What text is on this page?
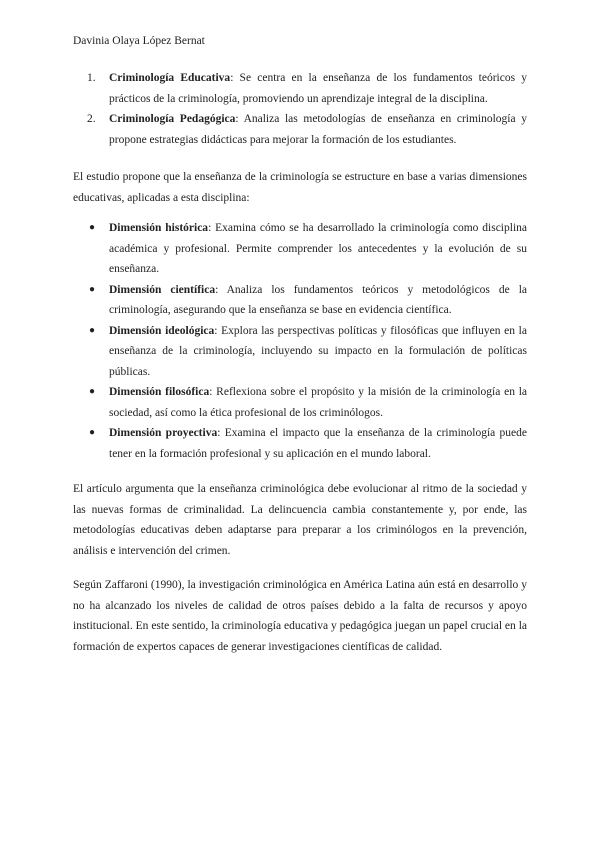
Davinia Olaya López Bernat
1. Criminología Educativa: Se centra en la enseñanza de los fundamentos teóricos y prácticos de la criminología, promoviendo un aprendizaje integral de la disciplina.
2. Criminología Pedagógica: Analiza las metodologías de enseñanza en criminología y propone estrategias didácticas para mejorar la formación de los estudiantes.

El estudio propone que la enseñanza de la criminología se estructure en base a varias dimensiones educativas, aplicadas a esta disciplina:

● Dimensión histórica: Examina cómo se ha desarrollado la criminología como disciplina académica y profesional. Permite comprender los antecedentes y la evolución de su enseñanza.
● Dimensión científica: Analiza los fundamentos teóricos y metodológicos de la criminología, asegurando que la enseñanza se base en evidencia científica.
● Dimensión ideológica: Explora las perspectivas políticas y filosóficas que influyen en la enseñanza de la criminología, incluyendo su impacto en la formulación de políticas públicas.
● Dimensión filosófica: Reflexiona sobre el propósito y la misión de la criminología en la sociedad, así como la ética profesional de los criminólogos.
● Dimensión proyectiva: Examina el impacto que la enseñanza de la criminología puede tener en la formación profesional y su aplicación en el mundo laboral.

El artículo argumenta que la enseñanza criminológica debe evolucionar al ritmo de la sociedad y las nuevas formas de criminalidad. La delincuencia cambia constantemente y, por ende, las metodologías educativas deben adaptarse para preparar a los criminólogos en la prevención, análisis e intervención del crimen.

Según Zaffaroni (1990), la investigación criminológica en América Latina aún está en desarrollo y no ha alcanzado los niveles de calidad de otros países debido a la falta de recursos y apoyo institucional. En este sentido, la criminología educativa y pedagógica juegan un papel crucial en la formación de expertos capaces de generar investigaciones científicas de calidad.
